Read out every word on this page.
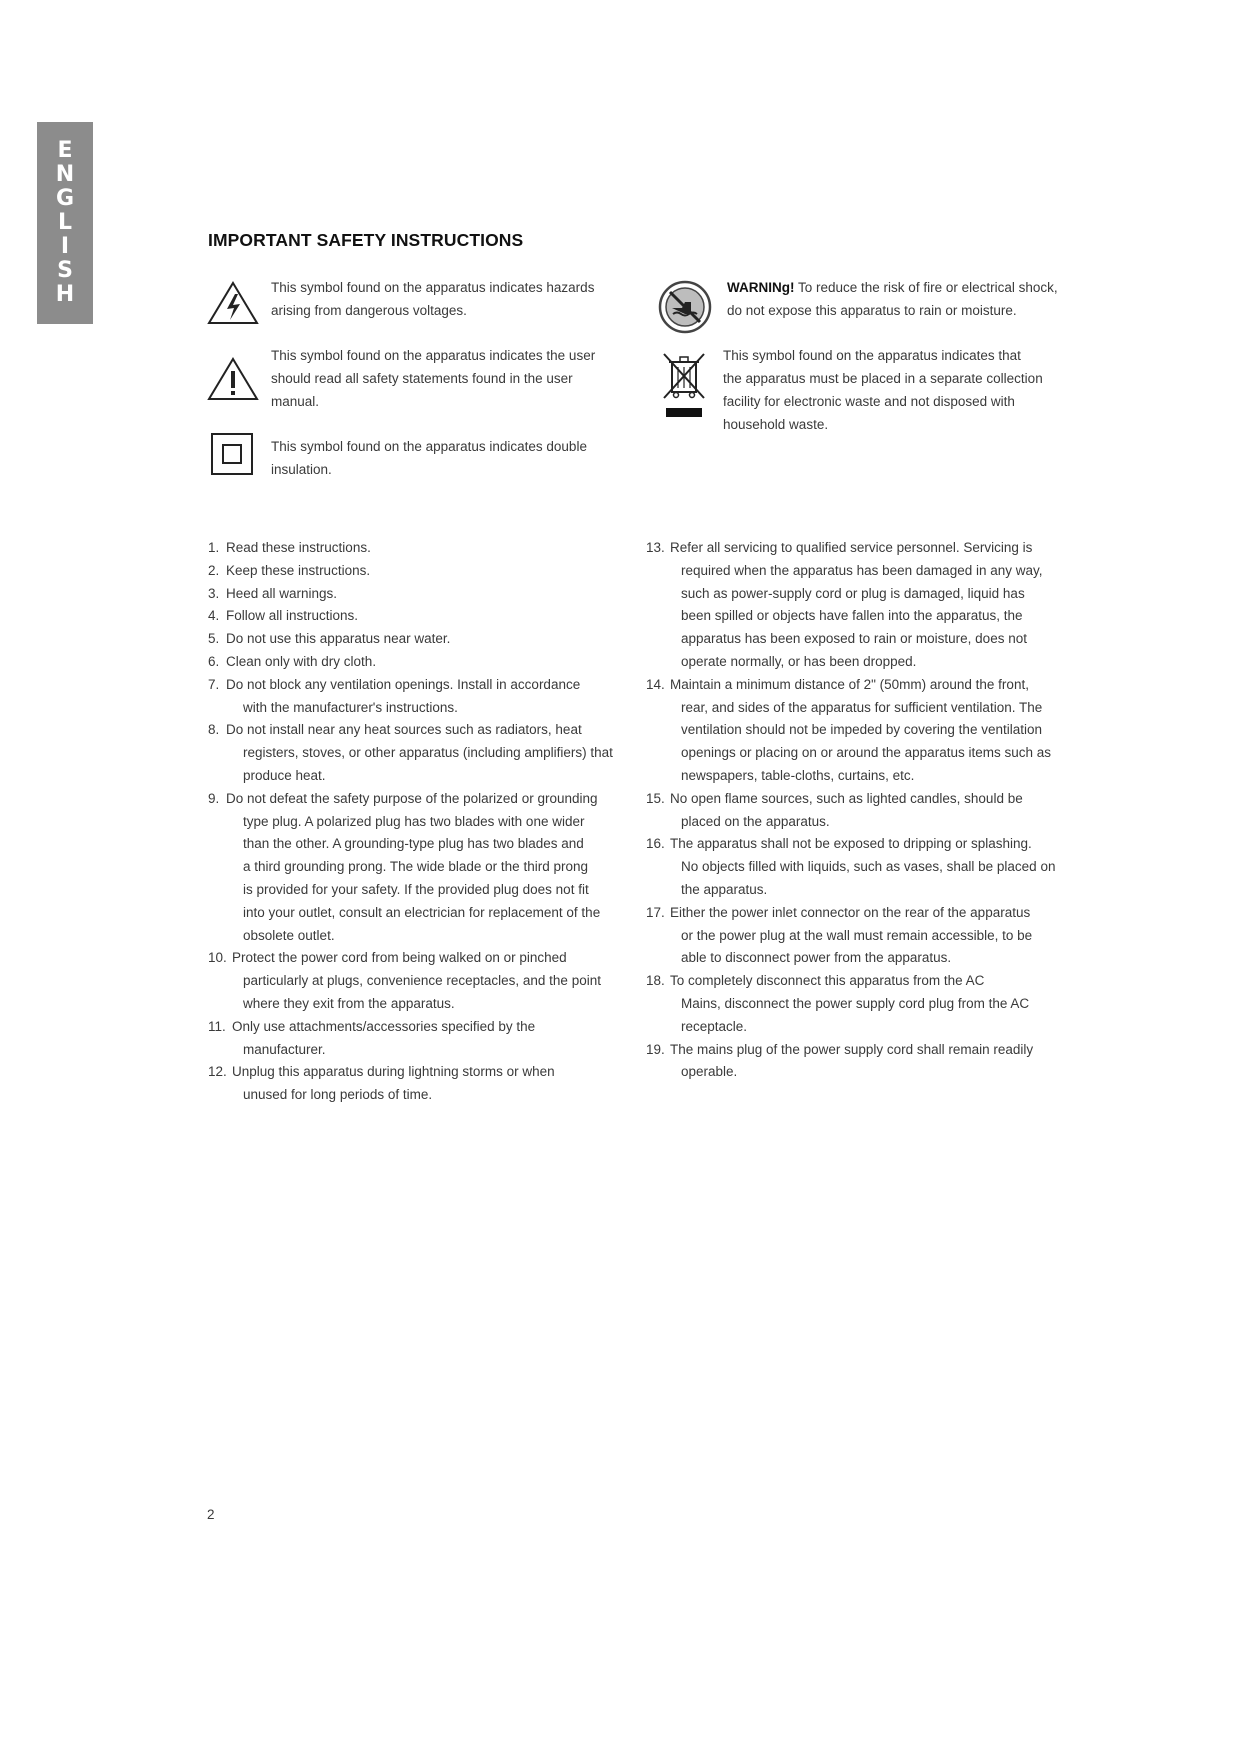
E
N
G
L
I
S
H
IMPORTANT SAFETY INSTRUCTIONS

This symbol found on the apparatus indicates hazards
arising from dangerous voltages.

This symbol found on the apparatus indicates the user
should read all safety statements found in the user
manual.

This symbol found on the apparatus indicates double
insulation.

WARNINg! To reduce the risk of fire or electrical shock,
do not expose this apparatus to rain or moisture.

This symbol found on the apparatus indicates that
the apparatus must be placed in a separate collection
facility for electronic waste and not disposed with
household waste.

1. Read these instructions.
2. Keep these instructions.
3. Heed all warnings.
4. Follow all instructions.
5. Do not use this apparatus near water.
6. Clean only with dry cloth.
7. Do not block any ventilation openings. Install in accordance
with the manufacturer's instructions.
8. Do not install near any heat sources such as radiators, heat
registers, stoves, or other apparatus (including amplifiers) that
produce heat.
9. Do not defeat the safety purpose of the polarized or grounding
type plug. A polarized plug has two blades with one wider
than the other. A grounding-type plug has two blades and
a third grounding prong. The wide blade or the third prong
is provided for your safety. If the provided plug does not fit
into your outlet, consult an electrician for replacement of the
obsolete outlet.
10. Protect the power cord from being walked on or pinched
particularly at plugs, convenience receptacles, and the point
where they exit from the apparatus.
11. Only use attachments/accessories specified by the
manufacturer.
12. Unplug this apparatus during lightning storms or when
unused for long periods of time.
13. Refer all servicing to qualified service personnel. Servicing is
required when the apparatus has been damaged in any way,
such as power-supply cord or plug is damaged, liquid has
been spilled or objects have fallen into the apparatus, the
apparatus has been exposed to rain or moisture, does not
operate normally, or has been dropped.
14. Maintain a minimum distance of 2" (50mm) around the front,
rear, and sides of the apparatus for sufficient ventilation. The
ventilation should not be impeded by covering the ventilation
openings or placing on or around the apparatus items such as
newspapers, table-cloths, curtains, etc.
15. No open flame sources, such as lighted candles, should be
placed on the apparatus.
16. The apparatus shall not be exposed to dripping or splashing.
No objects filled with liquids, such as vases, shall be placed on
the apparatus.
17. Either the power inlet connector on the rear of the apparatus
or the power plug at the wall must remain accessible, to be
able to disconnect power from the apparatus.
18. To completely disconnect this apparatus from the AC
Mains, disconnect the power supply cord plug from the AC
receptacle.
19. The mains plug of the power supply cord shall remain readily
operable.
2
